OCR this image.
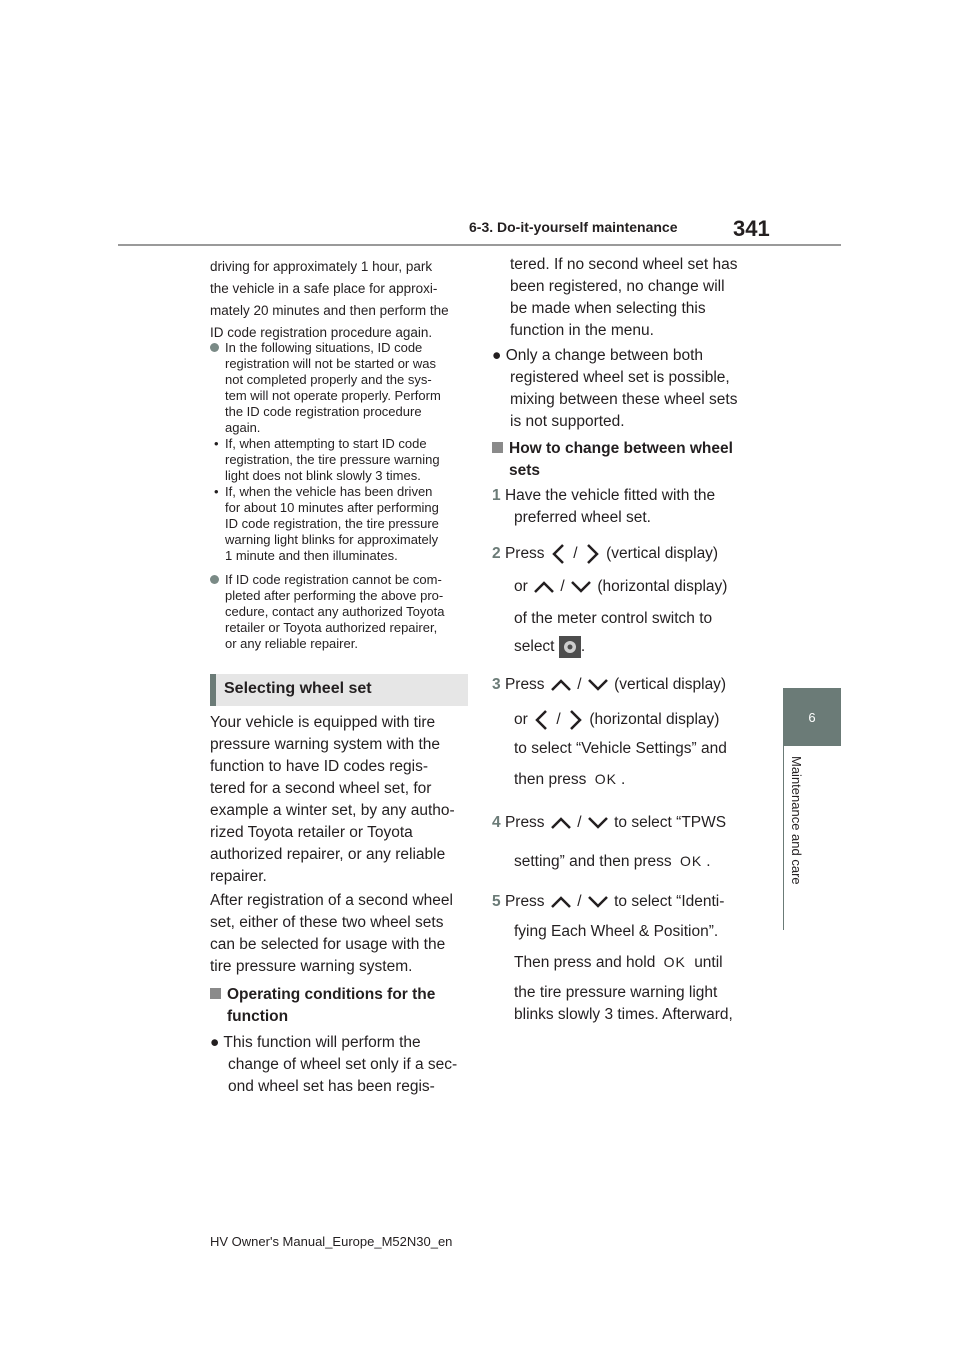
6-3. Do-it-yourself maintenance	341
6
Maintenance and care
driving for approximately 1 hour, park
the vehicle in a safe place for approxi-
mately 20 minutes and then perform the
ID code registration procedure again.
In the following situations, ID code
registration will not be started or was
not completed properly and the sys-
tem will not operate properly. Perform
the ID code registration procedure
again.
• If, when attempting to start ID code
registration, the tire pressure warning
light does not blink slowly 3 times.
• If, when the vehicle has been driven
for about 10 minutes after performing
ID code registration, the tire pressure
warning light blinks for approximately
1 minute and then illuminates.
If ID code registration cannot be com-
pleted after performing the above pro-
cedure, contact any authorized Toyota
retailer or Toyota authorized repairer,
or any reliable repairer.
Selecting wheel set
Your vehicle is equipped with tire
pressure warning system with the
function to have ID codes regis-
tered for a second wheel set, for
example a winter set, by any autho-
rized Toyota retailer or Toyota
authorized repairer, or any reliable
repairer.
After registration of a second wheel
set, either of these two wheel sets
can be selected for usage with the
tire pressure warning system.
Operating conditions for the
function
● This function will perform the
change of wheel set only if a sec-
ond wheel set has been regis-
tered. If no second wheel set has
been registered, no change will
be made when selecting this
function in the menu.
● Only a change between both
registered wheel set is possible,
mixing between these wheel sets
is not supported.
How to change between wheel
sets
1 Have the vehicle fitted with the
preferred wheel set.
2 Press / (vertical display)
or / (horizontal display)
of the meter control switch to
select .
3 Press / (vertical display)
or / (horizontal display)
to select “Vehicle Settings” and
then press OK .
4 Press / to select “TPWS
setting” and then press OK .
5 Press / to select “Identi-
fying Each Wheel & Position”.
Then press and hold OK until
the tire pressure warning light
blinks slowly 3 times. Afterward,
HV Owner's Manual_Europe_M52N30_en
